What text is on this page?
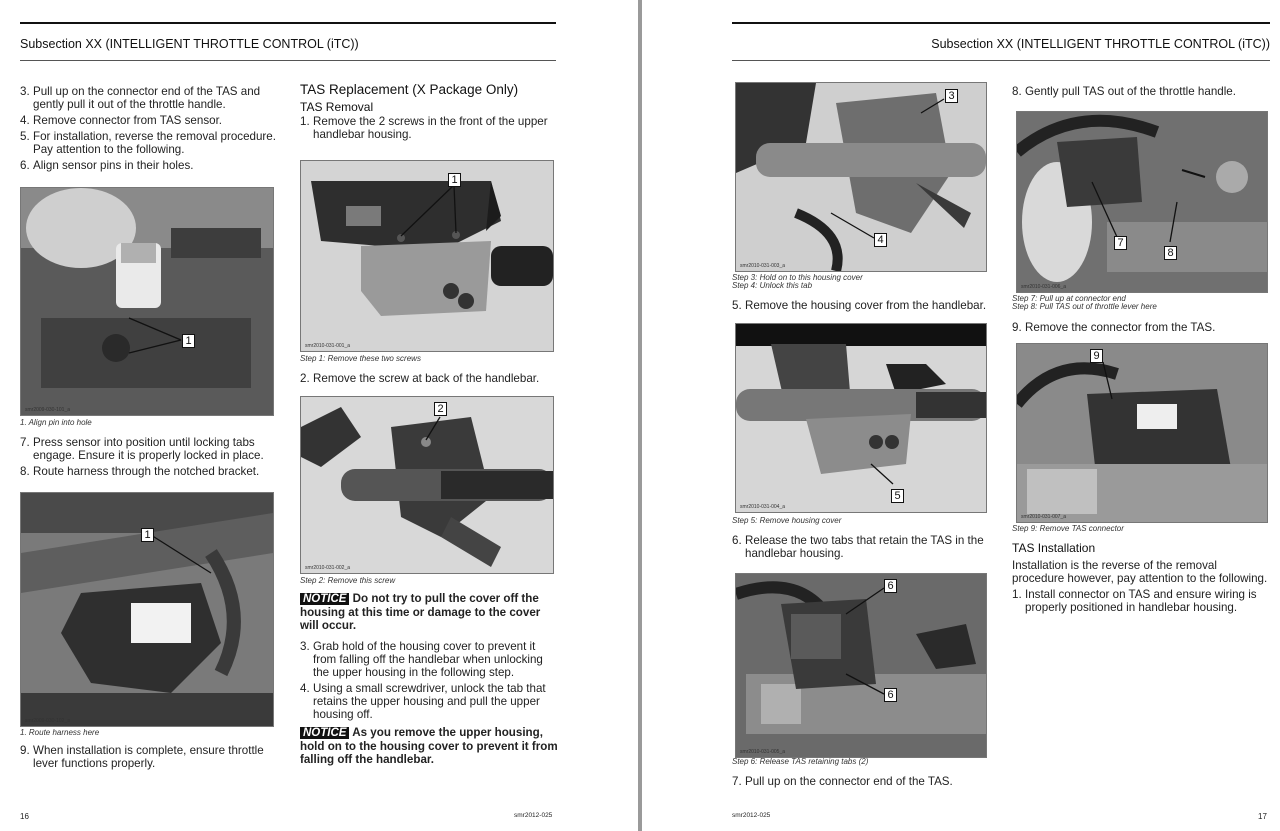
Subsection XX (INTELLIGENT THROTTLE CONTROL (iTC))
3. Pull up on the connector end of the TAS and gently pull it out of the throttle handle.
4. Remove connector from TAS sensor.
5. For installation, reverse the removal procedure. Pay attention to the following.
6. Align sensor pins in their holes.
1
smr2009-030-101_a
1. Align pin into hole
7. Press sensor into position until locking tabs engage. Ensure it is properly locked in place.
8. Route harness through the notched bracket.
1
smr2009-030-102_a
1. Route harness here
9. When installation is complete, ensure throttle lever functions properly.
TAS Replacement (X Package Only)
TAS Removal
1. Remove the 2 screws in the front of the upper handlebar housing.
1
smr2010-031-001_a
Step 1: Remove these two screws
2. Remove the screw at back of the handlebar.
2
smr2010-031-002_a
Step 2: Remove this screw

NOTICE Do not try to pull the cover off the housing at this time or damage to the cover will occur.

3. Grab hold of the housing cover to prevent it from falling off the handlebar when unlocking the upper housing in the following step.
4. Using a small screwdriver, unlock the tab that retains the upper housing and pull the upper housing off.

NOTICE As you remove the upper housing, hold on to the housing cover to prevent it from falling off the handlebar.

16	smr2012-025
Subsection XX (INTELLIGENT THROTTLE CONTROL (iTC))
3
4
smr2010-031-003_a
Step 3: Hold on to this housing cover
Step 4: Unlock this tab
5. Remove the housing cover from the handlebar.
5
smr2010-031-004_a
Step 5: Remove housing cover
6. Release the two tabs that retain the TAS in the handlebar housing.
6
6
smr2010-031-005_a
Step 6: Release TAS retaining tabs (2)
7. Pull up on the connector end of the TAS.
8. Gently pull TAS out of the throttle handle.
7
8
smr2010-031-006_a
Step 7: Pull up at connector end
Step 8: Pull TAS out of throttle lever here
9. Remove the connector from the TAS.
9
smr2010-031-007_a
Step 9: Remove TAS connector
TAS Installation

Installation is the reverse of the removal procedure however, pay attention to the following.

1. Install connector on TAS and ensure wiring is properly positioned in handlebar housing.
smr2012-025	17
